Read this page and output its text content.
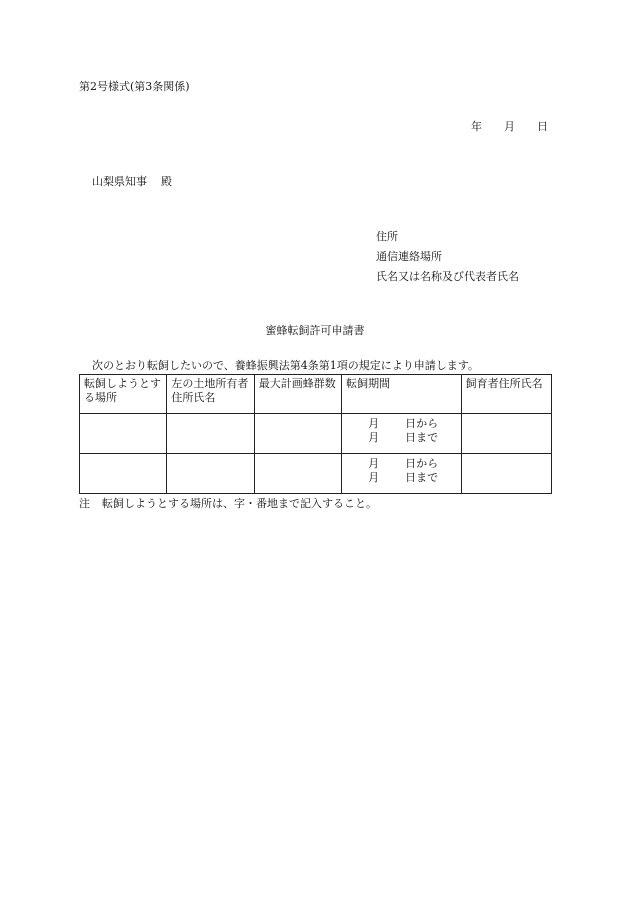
第2号様式(第3条関係)
年 月 日
山梨県知事 殿
住所
通信連絡場所
氏名又は名称及び代表者氏名
蜜蜂転飼許可申請書
次のとおり転飼したいので、養蜂振興法第4条第1項の規定により申請します。
転飼しようとする場所	左の土地所有者住所氏名	最大計画蜂群数	転飼期間	飼育者住所氏名

			月 日から
月 日まで	

			月 日から
月 日まで	

注 転飼しようとする場所は、字・番地まで記入すること。
